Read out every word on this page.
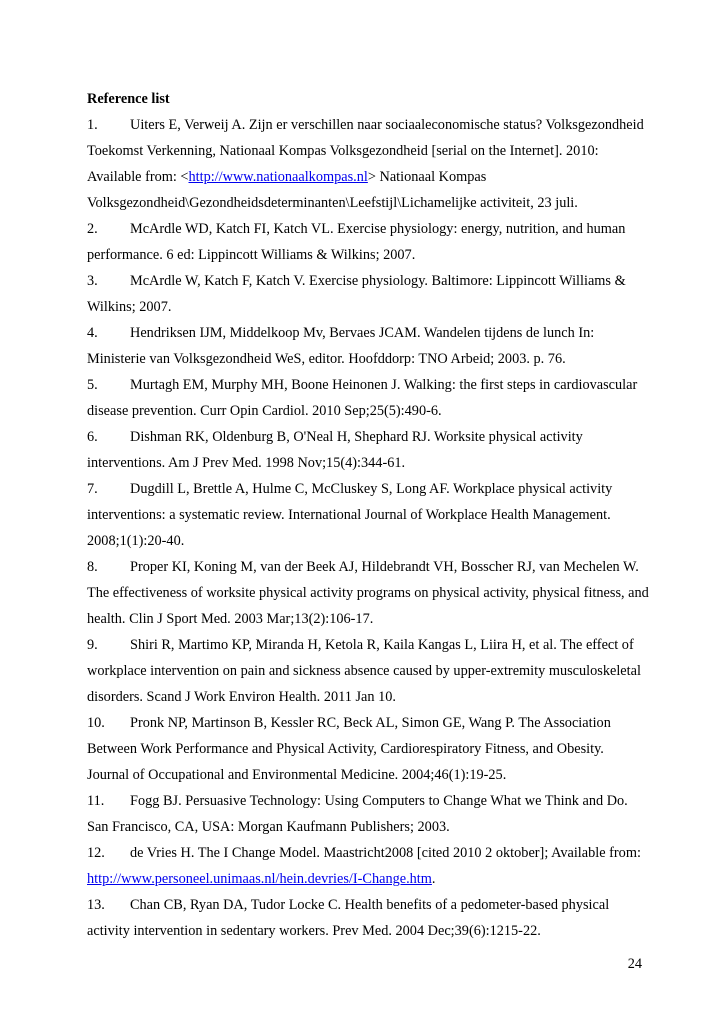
Reference list

1. Uiters E, Verweij A. Zijn er verschillen naar sociaaleconomische status? Volksgezondheid Toekomst Verkenning, Nationaal Kompas Volksgezondheid [serial on the Internet]. 2010: Available from: <http://www.nationaalkompas.nl> Nationaal Kompas Volksgezondheid\Gezondheidsdeterminanten\Leefstijl\Lichamelijke activiteit, 23 juli.

2. McArdle WD, Katch FI, Katch VL. Exercise physiology: energy, nutrition, and human performance. 6 ed: Lippincott Williams & Wilkins; 2007.

3. McArdle W, Katch F, Katch V. Exercise physiology. Baltimore: Lippincott Williams & Wilkins; 2007.

4. Hendriksen IJM, Middelkoop Mv, Bervaes JCAM. Wandelen tijdens de lunch In: Ministerie van Volksgezondheid WeS, editor. Hoofddorp: TNO Arbeid; 2003. p. 76.

5. Murtagh EM, Murphy MH, Boone Heinonen J. Walking: the first steps in cardiovascular disease prevention. Curr Opin Cardiol. 2010 Sep;25(5):490-6.

6. Dishman RK, Oldenburg B, O'Neal H, Shephard RJ. Worksite physical activity interventions. Am J Prev Med. 1998 Nov;15(4):344-61.

7. Dugdill L, Brettle A, Hulme C, McCluskey S, Long AF. Workplace physical activity interventions: a systematic review. International Journal of Workplace Health Management. 2008;1(1):20-40.

8. Proper KI, Koning M, van der Beek AJ, Hildebrandt VH, Bosscher RJ, van Mechelen W. The effectiveness of worksite physical activity programs on physical activity, physical fitness, and health. Clin J Sport Med. 2003 Mar;13(2):106-17.

9. Shiri R, Martimo KP, Miranda H, Ketola R, Kaila Kangas L, Liira H, et al. The effect of workplace intervention on pain and sickness absence caused by upper-extremity musculoskeletal disorders. Scand J Work Environ Health. 2011 Jan 10.

10. Pronk NP, Martinson B, Kessler RC, Beck AL, Simon GE, Wang P. The Association Between Work Performance and Physical Activity, Cardiorespiratory Fitness, and Obesity. Journal of Occupational and Environmental Medicine. 2004;46(1):19-25.

11. Fogg BJ. Persuasive Technology: Using Computers to Change What we Think and Do. San Francisco, CA, USA: Morgan Kaufmann Publishers; 2003.

12. de Vries H. The I Change Model. Maastricht2008 [cited 2010 2 oktober]; Available from: http://www.personeel.unimaas.nl/hein.devries/I-Change.htm.

13. Chan CB, Ryan DA, Tudor Locke C. Health benefits of a pedometer-based physical activity intervention in sedentary workers. Prev Med. 2004 Dec;39(6):1215-22.

24
